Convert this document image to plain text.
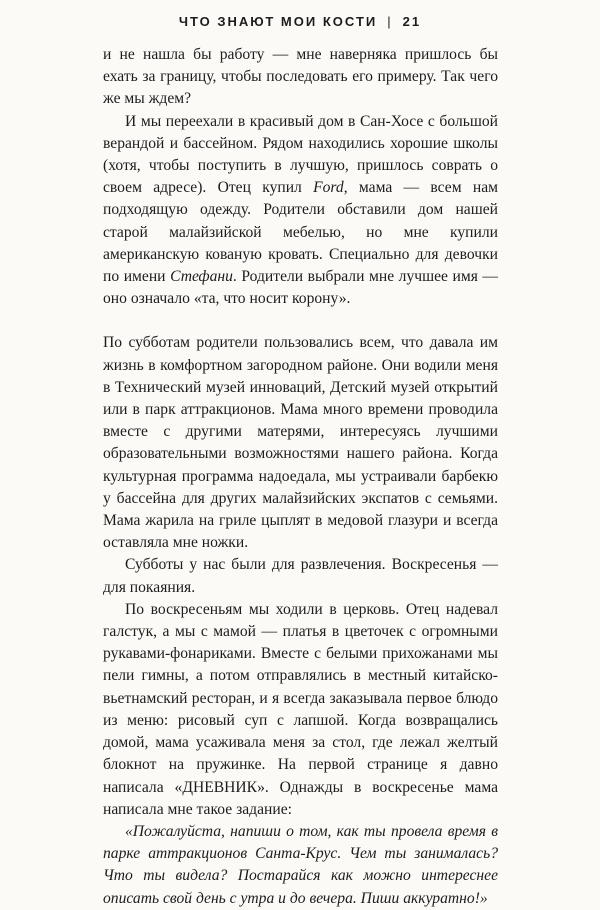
ЧТО ЗНАЮТ МОИ КОСТИ | 21

и не нашла бы работу — мне наверняка пришлось бы ехать за границу, чтобы последовать его примеру. Так чего же мы ждем?

И мы переехали в красивый дом в Сан-Хосе с большой верандой и бассейном. Рядом находились хорошие школы (хотя, чтобы поступить в лучшую, пришлось соврать о своем адресе). Отец купил Ford, мама — всем нам подходящую одежду. Родители обставили дом нашей старой малайзийской мебелью, но мне купили американскую кованую кровать. Специально для девочки по имени Стефани. Родители выбрали мне лучшее имя — оно означало «та, что носит корону».

По субботам родители пользовались всем, что давала им жизнь в комфортном загородном районе. Они водили меня в Технический музей инноваций, Детский музей открытий или в парк аттракционов. Мама много времени проводила вместе с другими матерями, интересуясь лучшими образовательными возможностями нашего района. Когда культурная программа надоедала, мы устраивали барбекю у бассейна для других малайзийских экспатов с семьями. Мама жарила на гриле цыплят в медовой глазури и всегда оставляла мне ножки.

Субботы у нас были для развлечения. Воскресенья — для покаяния.

По воскресеньям мы ходили в церковь. Отец надевал галстук, а мы с мамой — платья в цветочек с огромными рукавами-фонариками. Вместе с белыми прихожанами мы пели гимны, а потом отправлялись в местный китайско-вьетнамский ресторан, и я всегда заказывала первое блюдо из меню: рисовый суп с лапшой. Когда возвращались домой, мама усаживала меня за стол, где лежал желтый блокнот на пружинке. На первой странице я давно написала «ДНЕВНИК». Однажды в воскресенье мама написала мне такое задание:

«Пожалуйста, напиши о том, как ты провела время в парке аттракционов Санта-Крус. Чем ты занималась? Что ты видела? Постарайся как можно интереснее описать свой день с утра и до вечера. Пиши аккуратно!»
